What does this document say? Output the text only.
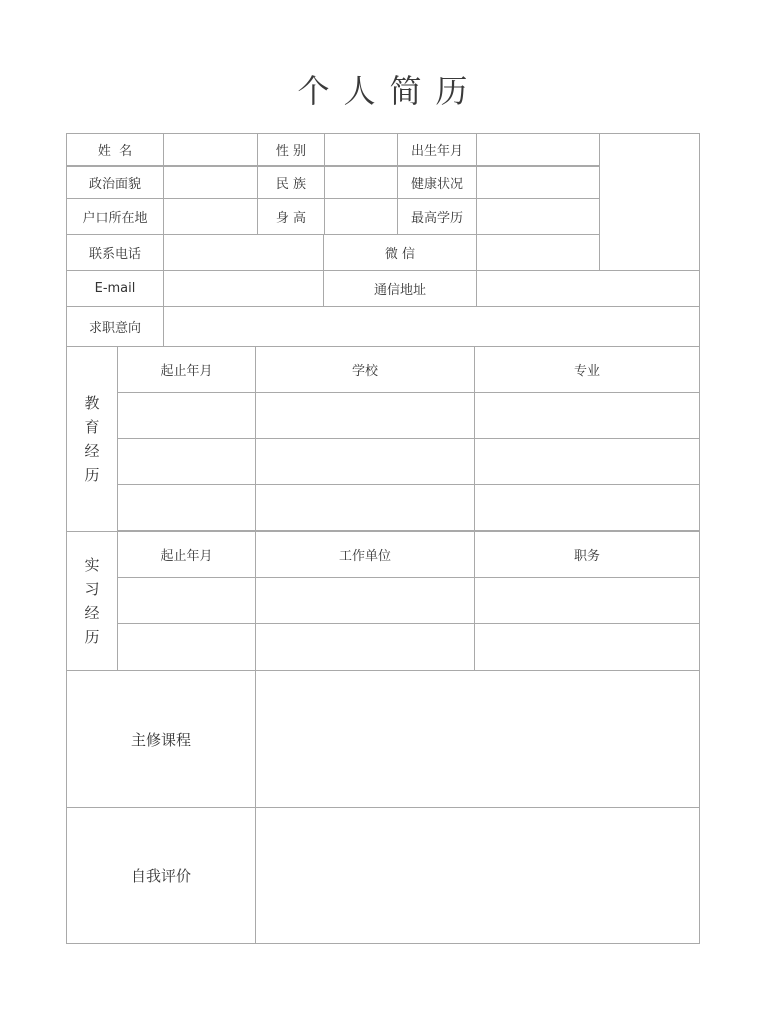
个人简历
姓  名	性 别	出生年月
政治面貌	民 族	健康状况
户口所在地	身 高	最高学历
联系电话	微 信
E-mail	通信地址
求职意向
教
育
经
历
起止年月	学校	专业
实
习
经
历
起止年月	工作单位	职务
主修课程
自我评价
